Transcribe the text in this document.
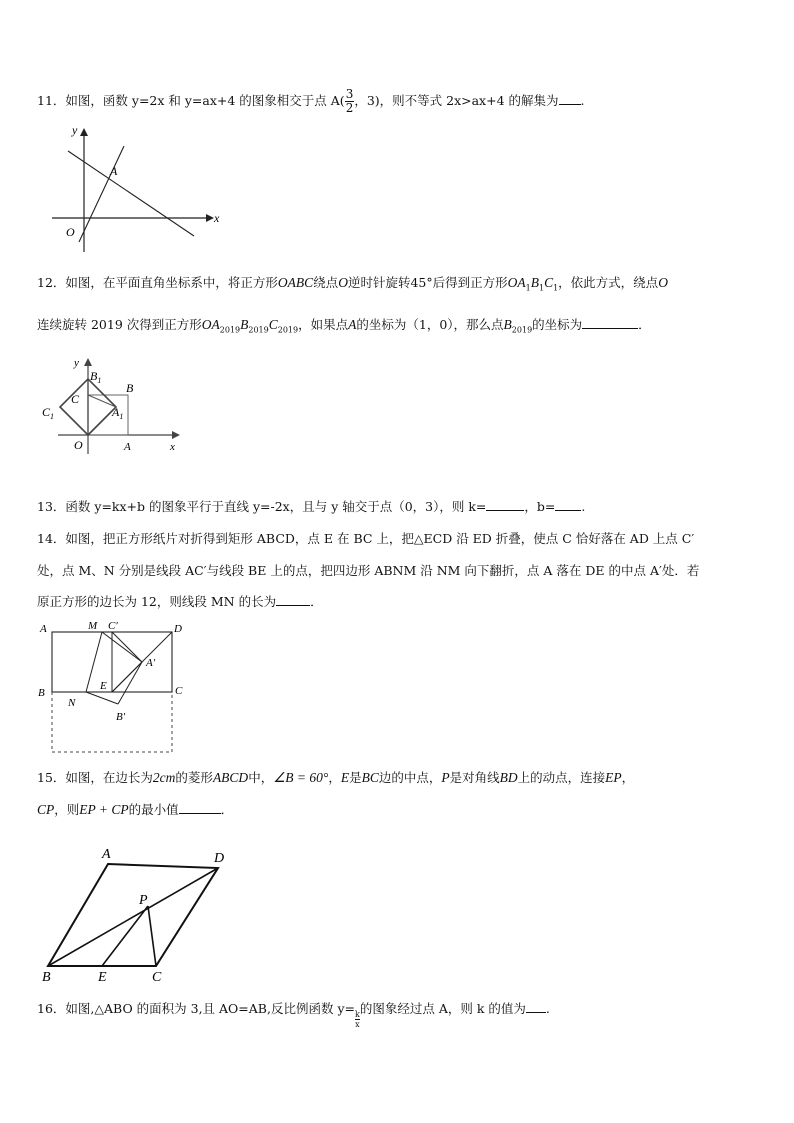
11．如图，函数 y=2x 和 y=ax+4 的图象相交于点 $A( \frac{3}{2}$ ，3)，则不等式 2x>ax+4 的解集为 .
y
A
x
O
12．如图，在平面直角坐标系中，将正方形OABC绕点O逆时针旋转45°后得到正方形$OA_1B_1C_1$，依此方式，绕点O
连续旋转 2019 次得到正方形$OA_{2019}B_{2019}C_{2019}$，如果点A的坐标为（1，0），那么点$B_{2019}$的坐标为	．
y
$B_1$
B
C
$C_1$	$A_1$
O	A	x
13．函数 y=kx+b 的图象平行于直线 y=-2x，且与 y 轴交于点（0，3），则 k=	，b= .
14．如图，把正方形纸片对折得到矩形 ABCD，点 E 在 BC 上，把△ECD 沿 ED 折叠，使点 C 恰好落在 AD 上点 C′
处，点 M、N 分别是线段 AC′与线段 BE 上的点，把四边形 ABNM 沿 NM 向下翻折，点 A 落在 DE 的中点 A′处．若
原正方形的边长为 12，则线段 MN 的长为	．
A	M C′	D
A′
E
B	C
N
B′
15．如图，在边长为2cm的菱形ABCD中，∠B = 60°，E是BC边的中点，P是对角线BD上的动点，连接EP，
CP，则EP + CP的最小值	．
A	D
P
B	E	C
16．如图,△ABO 的面积为 3,且 AO=AB,反比例函数 y=
$\frac{k}{x}$的图象经过点 A，则 k 的值为 .
